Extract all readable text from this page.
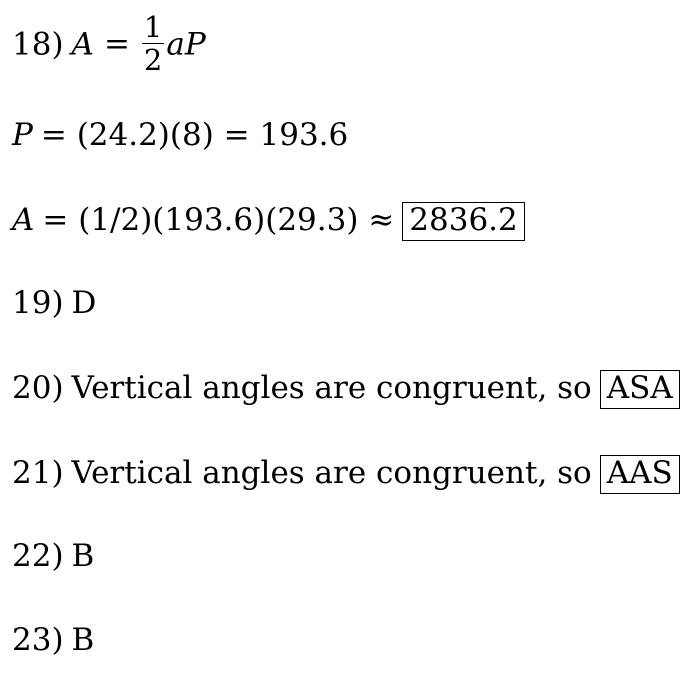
18) $A = \frac{1}{2}$ aP
P = (24.2)(8) = 193.6
A = (1/2)(193.6)(29.3) ≈ 2836.2
19) D
20) Vertical angles are congruent, so ASA
21) Vertical angles are congruent, so AAS
22) B
23) B
